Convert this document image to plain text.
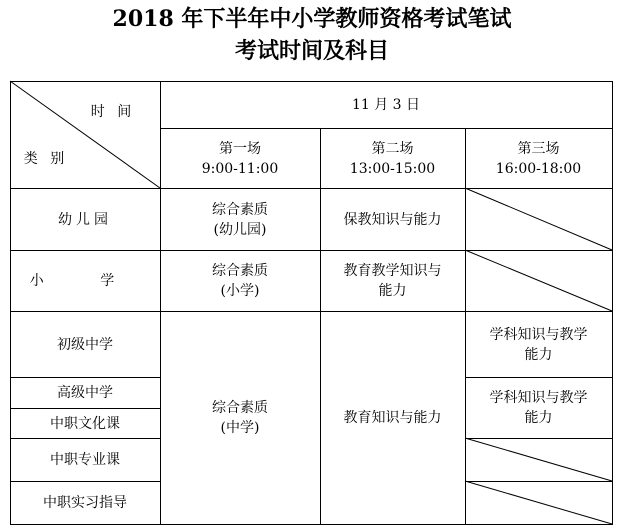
2018 年下半年中小学教师资格考试笔试
考试时间及科目
时 间
类 别
11 月 3 日
第一场
9:00-11:00
第二场
13:00-15:00
第三场
16:00-18:00
幼儿园
小 学
初级中学
高级中学
中职文化课
中职专业课
中职实习指导
综合素质
(幼儿园)
保教知识与能力
综合素质
(小学)
教育教学知识与
能力
综合素质
(中学)
教育知识与能力
学科知识与教学
能力
学科知识与教学
能力
